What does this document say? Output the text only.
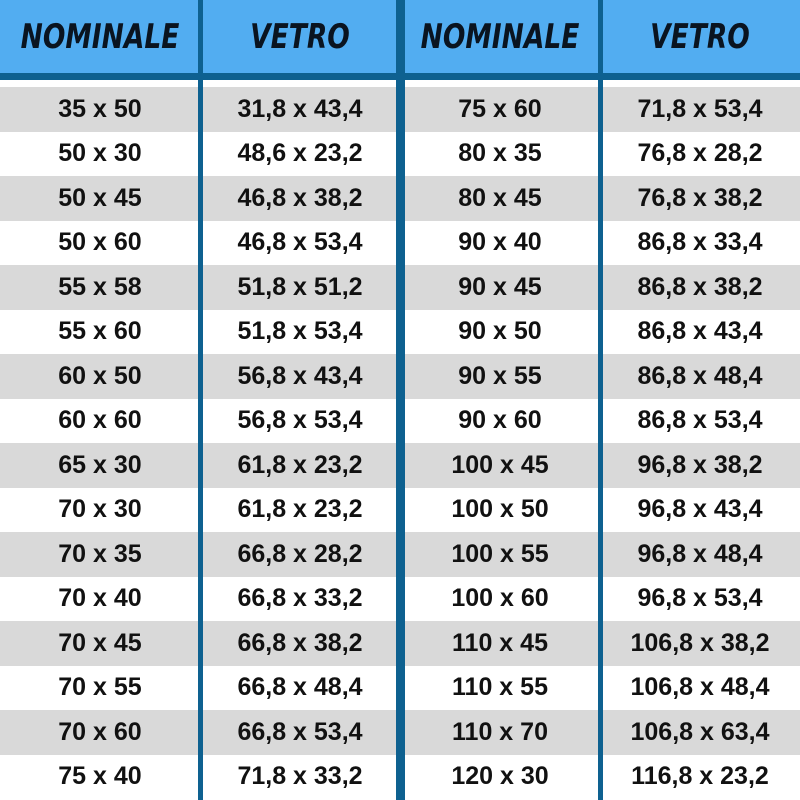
NOMINALE	VETRO	NOMINALE	VETRO
35 x 50	31,8 x 43,4	75 x 60	71,8 x 53,4
50 x 30	48,6 x 23,2	80 x 35	76,8 x 28,2
50 x 45	46,8 x 38,2	80 x 45	76,8 x 38,2
50 x 60	46,8 x 53,4	90 x 40	86,8 x 33,4
55 x 58	51,8 x 51,2	90 x 45	86,8 x 38,2
55 x 60	51,8 x 53,4	90 x 50	86,8 x 43,4
60 x 50	56,8 x 43,4	90 x 55	86,8 x 48,4
60 x 60	56,8 x 53,4	90 x 60	86,8 x 53,4
65 x 30	61,8 x 23,2	100 x 45	96,8 x 38,2
70 x 30	61,8 x 23,2	100 x 50	96,8 x 43,4
70 x 35	66,8 x 28,2	100 x 55	96,8 x 48,4
70 x 40	66,8 x 33,2	100 x 60	96,8 x 53,4
70 x 45	66,8 x 38,2	110 x 45	106,8 x 38,2
70 x 55	66,8 x 48,4	110 x 55	106,8 x 48,4
70 x 60	66,8 x 53,4	110 x 70	106,8 x 63,4
75 x 40	71,8 x 33,2	120 x 30	116,8 x 23,2
